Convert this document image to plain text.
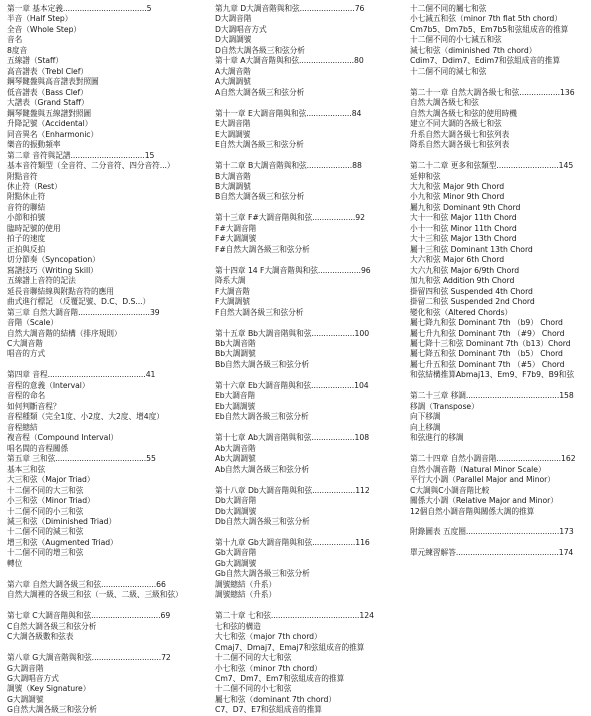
第一章 基本定義...................................5
半音（Half Step）
全音（Whole Step）
音名
8度音
五線譜（Staff）
高音譜表（Trebl Clef）
鋼琴鍵盤與高音譜表對照圖
低音譜表（Bass Clef）
大譜表（Grand Staff）
鋼琴鍵盤與五線譜對照圖
升降記號（Accidental）
同音異名（Enharmonic）
樂音的振動頻率
第二章 音符與記譜...............................15
基本音符類型（全音符、二分音符、四分音符...）
附點音符
休止符（Rest）
附點休止符
音符的聯結
小節和拍號
臨時記號的使用
拍子的速度
正拍與反拍
切分節奏（Syncopation）
寫譜技巧（Writing Skill）
五線譜上音符的記法
延長音聯結線與附點音符的應用
曲式進行標記 （反覆記號、D.C、D.S...）
第三章 自然大調音階..............................39
音階（Scale）
自然大調音階的結構（排序規則）
C大調音階
唱音的方式
第四章 音程.........................................41
音程的意義（Interval）
音程的命名
如何判斷音程？
音程種類（完全1度、小2度、大2度、增4度）
音程總結
複音程（Compound Interval）
唱名間的音程關係
第五章 三和弦......................................55
基本三和弦
大三和弦（Major Triad）
十二個不同的大三和弦
小三和弦（Minor Triad）
十二個不同的小三和弦
減三和弦（Diminished Triad）
十二個不同的減三和弦
增三和弦（Augmented Triad）
十二個不同的增三和弦
轉位
第六章 自然大調各級三和弦.......................66
自然大調裡的各級三和弦（一級、二級、三級和弦）
第七章 C大調音階與和弦.............................69
C自然大調各級三和弦分析
C大調各級數和弦表
第八章 G大調音階與和弦.............................72
G大調音階
G大調唱音方式
調號（Key Signature）
G大調調號
G自然大調各級三和弦分析
第九章 D大調音階與和弦.......................76
D大調音階
D大調唱音方式
D大調調號
D自然大調各級三和弦分析
第十章 A大調音階與和弦.......................80
A大調音階
A大調調號
A自然大調各級三和弦分析
第十一章 E大調音階與和弦...................84
E大調音階
E大調調號
E自然大調各級三和弦分析
第十二章 B大調音階與和弦...................88
B大調音階
B大調調號
B自然大調各級三和弦分析
第十三章 F#大調音階與和弦..................92
F#大調音階
F#大調調號
F#自然大調各級三和弦分析
第十四章 14 F大調音階與和弦..................96
降系大調
F大調音階
F大調調號
F自然大調各級三和弦分析
第十五章 Bb大調音階與和弦..................100
Bb大調音階
Bb大調調號
Bb自然大調各級三和弦分析
第十六章 Eb大調音階與和弦..................104
Eb大調音階
Eb大調調號
Eb自然大調各級三和弦分析
第十七章 Ab大調音階與和弦..................108
Ab大調音階
Ab大調調號
Ab自然大調各級三和弦分析
第十八章 Db大調音階與和弦..................112
Db大調音階
Db大調調號
Db自然大調各級三和弦分析
第十九章 Gb大調音階與和弦..................116
Gb大調音階
Gb大調調號
Gb自然大調各級三和弦分析
調號總結（升系）
調號總結（升系）
第二十章 七和弦.....................................124
七和弦的構造
大七和弦（major 7th chord）
Cmaj7、Dmaj7、Emaj7和弦組成音的推算
十二個不同的大七和弦
小七和弦（minor 7th chord）
Cm7、Dm7、Em7和弦組成音的推算
十二個不同的小七和弦
屬七和弦（dominant 7th chord）
C7、D7、E7和弦組成音的推算
十二個不同的屬七和弦
小七減五和弦（minor 7th flat 5th chord）
Cm7b5、Dm7b5、Em7b5和弦組成音的推算
十二個不同的小七減五和弦
減七和弦（diminished 7th chord）
Cdim7、Ddim7、Edim7和弦組成音的推算
十二個不同的減七和弦
第二十一章 自然大調各級七和弦.................136
自然大調各級七和弦
自然大調各級七和弦的使用時機
建立不同大調的各級七和弦
升系自然大調各級七和弦列表
降系自然大調各級七和弦列表
第二十二章 更多和弦類型..........................145
延伸和弦
大九和弦 Major 9th Chord
小九和弦 Minor 9th Chord
屬九和弦 Dominant 9th Chord
大十一和弦 Major 11th Chord
小十一和弦 Minor 11th Chord
大十三和弦 Major 13th Chord
屬十三和弦 Dominant 13th Chord
大六和弦 Major 6th Chord
大六九和弦 Major 6/9th Chord
加九和弦 Addition 9th Chord
掛留四和弦 Suspended 4th Chord
掛留二和弦 Suspended 2nd Chord
變化和弦（Altered Chords）
屬七降九和弦 Dominant 7th （b9） Chord
屬七升九和弦 Dominant 7th （#9） Chord
屬七降十三和弦 Dominant 7th（b13）Chord
屬七降五和弦 Dominant 7th （b5） Chord
屬七升五和弦 Dominant 7th （#5） Chord
和弦結構推算Abmaj13、Em9、F7b9、B9和弦
第二十三章 移調.......................................158
移調（Transpose）
向下移調
向上移調
和弦進行的移調
第二十四章 自然小調音階...........................162
自然小調音階（Natural Minor Scale）
平行大小調（Parallel Major and Minor）
C大調與C小調音階比較
關係大小調（Relative Major and Minor）
12個自然小調音階與關係大調的推算
附錄圖表 五度圈.......................................173
單元練習解答...........................................174
